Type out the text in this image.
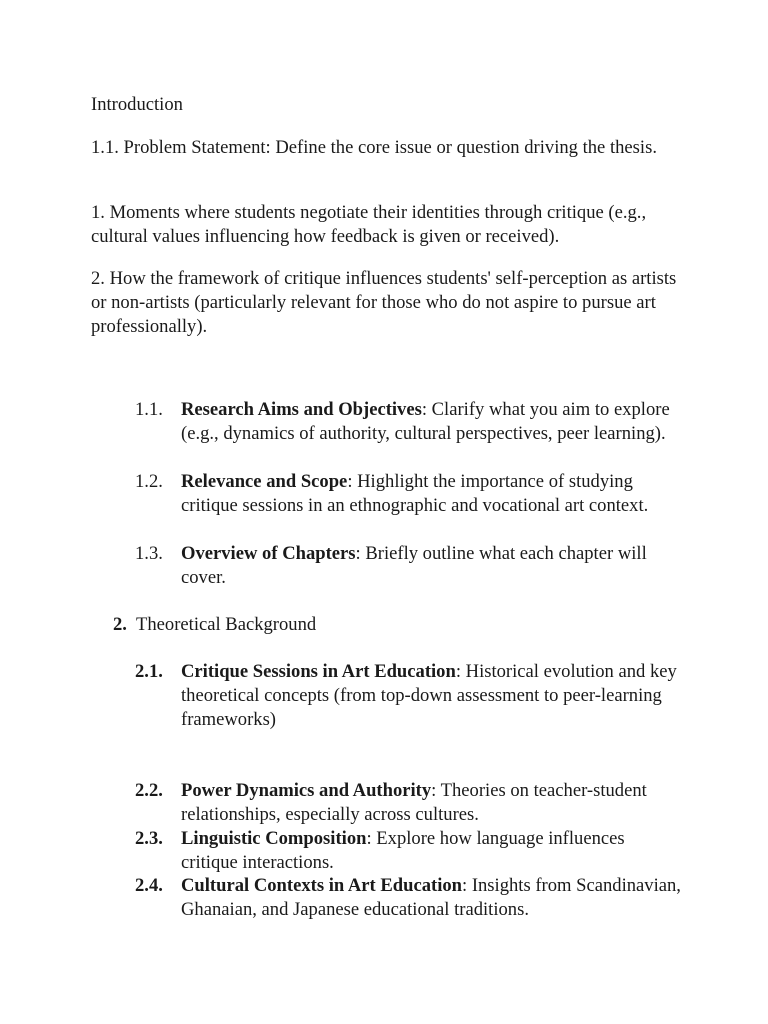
Introduction

1.1. Problem Statement: Define the core issue or question driving the thesis.

1. Moments where students negotiate their identities through critique (e.g., cultural values influencing how feedback is given or received).

2. How the framework of critique influences students' self-perception as artists or non-artists (particularly relevant for those who do not aspire to pursue art professionally).

1.1. Research Aims and Objectives: Clarify what you aim to explore (e.g., dynamics of authority, cultural perspectives, peer learning).
1.2. Relevance and Scope: Highlight the importance of studying critique sessions in an ethnographic and vocational art context.
1.3. Overview of Chapters: Briefly outline what each chapter will cover.
2. Theoretical Background
2.1. Critique Sessions in Art Education: Historical evolution and key theoretical concepts (from top-down assessment to peer-learning frameworks)
2.2. Power Dynamics and Authority: Theories on teacher-student relationships, especially across cultures.
2.3. Linguistic Composition: Explore how language influences critique interactions.
2.4. Cultural Contexts in Art Education: Insights from Scandinavian, Ghanaian, and Japanese educational traditions.
